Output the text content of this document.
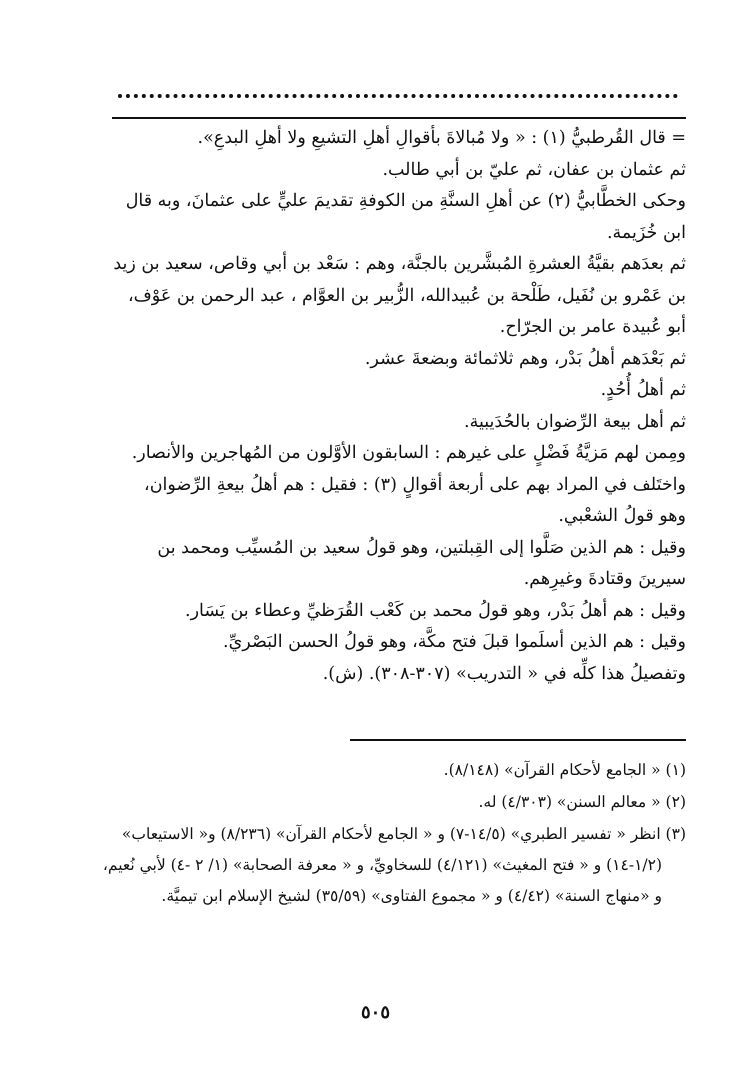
= قال القُرطبيُّ (١) : « ولا مُبالاةَ بأقوالِ أهلِ التشيعِ ولا أهلِ البدعِ».

ثم عثمان بن عفان، ثم عليّ بن أبي طالب.

وحكى الخطَّابيُّ (٢) عن أهلِ السنَّةِ من الكوفةِ تقديمَ عليٍّ على عثمانَ، وبه قال ابن خُزَيمة.

ثم بعدَهم بقيَّةُ العشرةِ المُبشَّرين بالجنَّة، وهم : سَعْد بن أبي وقاص، سعيد بن زيد بن عَمْرو بن نُفَيل، طَلْحة بن عُبيدالله، الزُّبير بن العوَّام ، عبد الرحمن بن عَوْف، أبو عُبيدة عامر بن الجرّاح.

ثم بَعْدَهم أهلُ بَدْر، وهم ثلاثمائة وبضعةَ عشر.

ثم أهلُ أُحُدٍ.

ثم أهل بيعة الرِّضوان بالحُدَيبية.

ومِمن لهم مَزيَّةُ فَضْلٍ على غيرهم : السابقون الأوَّلون من المُهاجرين والأنصار.

واختَلف في المراد بهم على أربعة أقوالٍ (٣) : فقيل : هم أهلُ بيعةِ الرِّضوان، وهو قولُ الشعْبي.

وقيل : هم الذين صَلَّوا إلى القِبلتين، وهو قولُ سعيد بن المُسيِّب ومحمد بن سيرينَ وقتادةَ وغيرِهم.

وقيل : هم أهلُ بَدْر، وهو قولُ محمد بن كَعْب القُرَظيِّ وعطاء بن يَسَار.

وقيل : هم الذين أسلَموا قبلَ فتح مكَّة، وهو قولُ الحسن البَصْريِّ.

وتفصيلُ هذا كلِّه في « التدريب» (٣٠٧-٣٠٨). (ش).

(١) « الجامع لأحكام القرآن» (٨/١٤٨).

(٢) « معالم السنن» (٤/٣٠٣) له.

(٣) انظر « تفسير الطبري» (١٤/٥-٧) و « الجامع لأحكام القرآن» (٨/٢٣٦) و« الاستيعاب» (١/٢-١٤) و « فتح المغيث» (٤/١٢١) للسخاويِّ، و « معرفة الصحابة» (١/ ٢ -٤) لأبي نُعيم، و «منهاج السنة» (٤/٤٢) و « مجموع الفتاوى» (٣٥/٥٩) لشيخ الإسلام ابن تيميَّة.

٥٠٥
